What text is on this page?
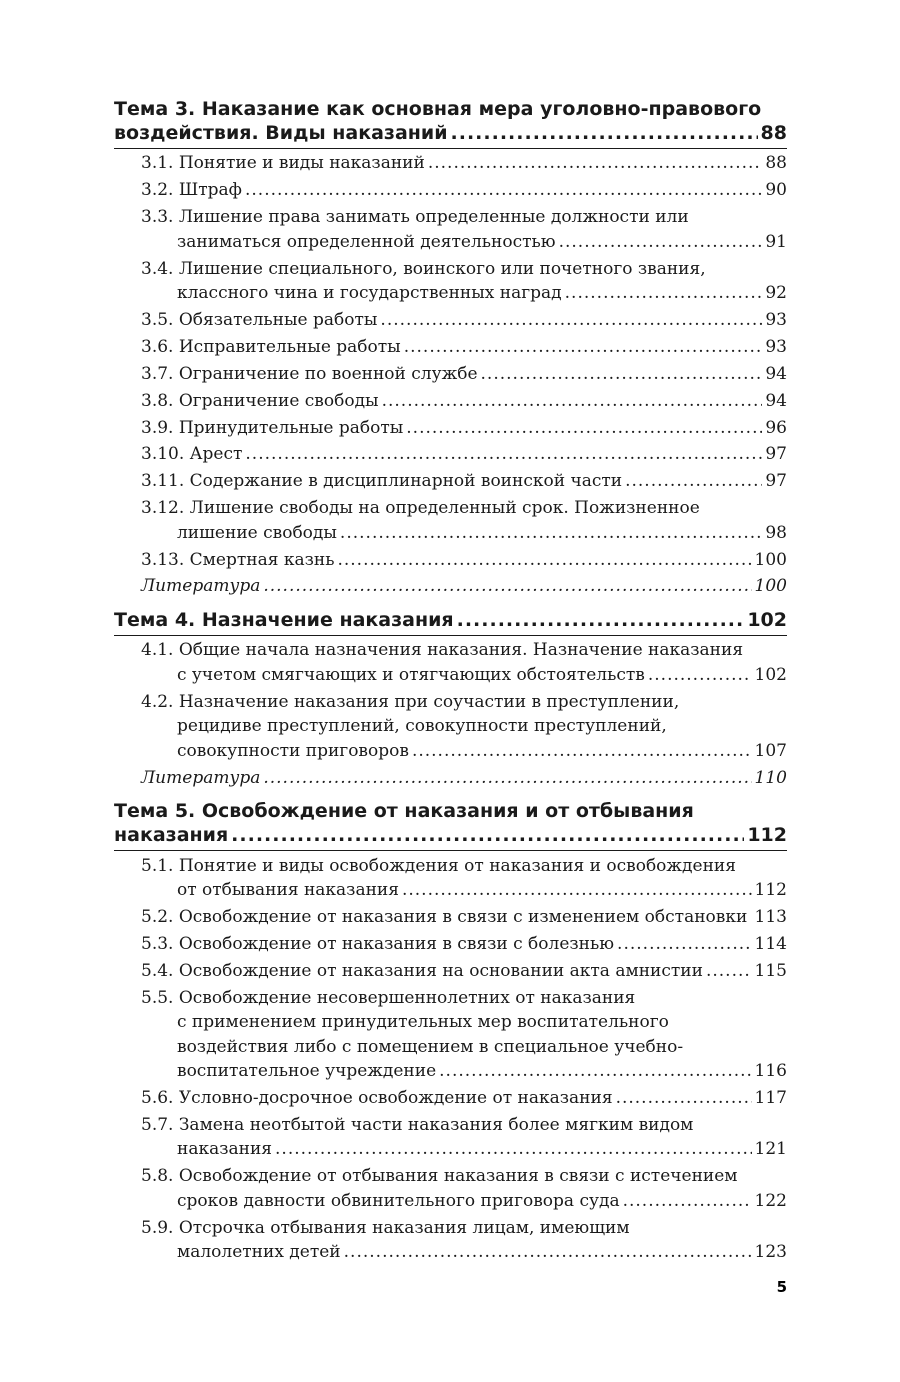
Тема 3. Наказание как основная мера уголовно-правового
воздействия. Виды наказаний .....	88
3.1. Понятие и виды наказаний .....	88
3.2. Штраф .....	90
3.3. Лишение права занимать определенные должности или
заниматься определенной деятельностью .....	91
3.4. Лишение специального, воинского или почетного звания,
классного чина и государственных наград .....	92
3.5. Обязательные работы .....	93
3.6. Исправительные работы .....	93
3.7. Ограничение по военной службе .....	94
3.8. Ограничение свободы .....	94
3.9. Принудительные работы .....	96
3.10. Арест .....	97
3.11. Содержание в дисциплинарной воинской части .....	97
3.12. Лишение свободы на определенный срок. Пожизненное
лишение свободы .....	98
3.13. Смертная казнь .....	100
Литература .....	100
Тема 4. Назначение наказания .....	102
4.1. Общие начала назначения наказания. Назначение наказания
с учетом смягчающих и отягчающих обстоятельств .....	102
4.2. Назначение наказания при соучастии в преступлении,
рецидиве преступлений, совокупности преступлений,
совокупности приговоров .....	107
Литература .....	110
Тема 5. Освобождение от наказания и от отбывания
наказания .....	112
5.1. Понятие и виды освобождения от наказания и освобождения
от отбывания наказания .....	112
5.2. Освобождение от наказания в связи с изменением обстановки ..... 113
5.3. Освобождение от наказания в связи с болезнью .....	114
5.4. Освобождение от наказания на основании акта амнистии .....	115
5.5. Освобождение несовершеннолетних от наказания
с применением принудительных мер воспитательного
воздействия либо с помещением в специальное учебно-
воспитательное учреждение .....	116
5.6. Условно-досрочное освобождение от наказания .....	117
5.7. Замена неотбытой части наказания более мягким видом
наказания .....	121
5.8. Освобождение от отбывания наказания в связи с истечением
сроков давности обвинительного приговора суда .....	122
5.9. Отсрочка отбывания наказания лицам, имеющим
малолетних детей .....	123
5
